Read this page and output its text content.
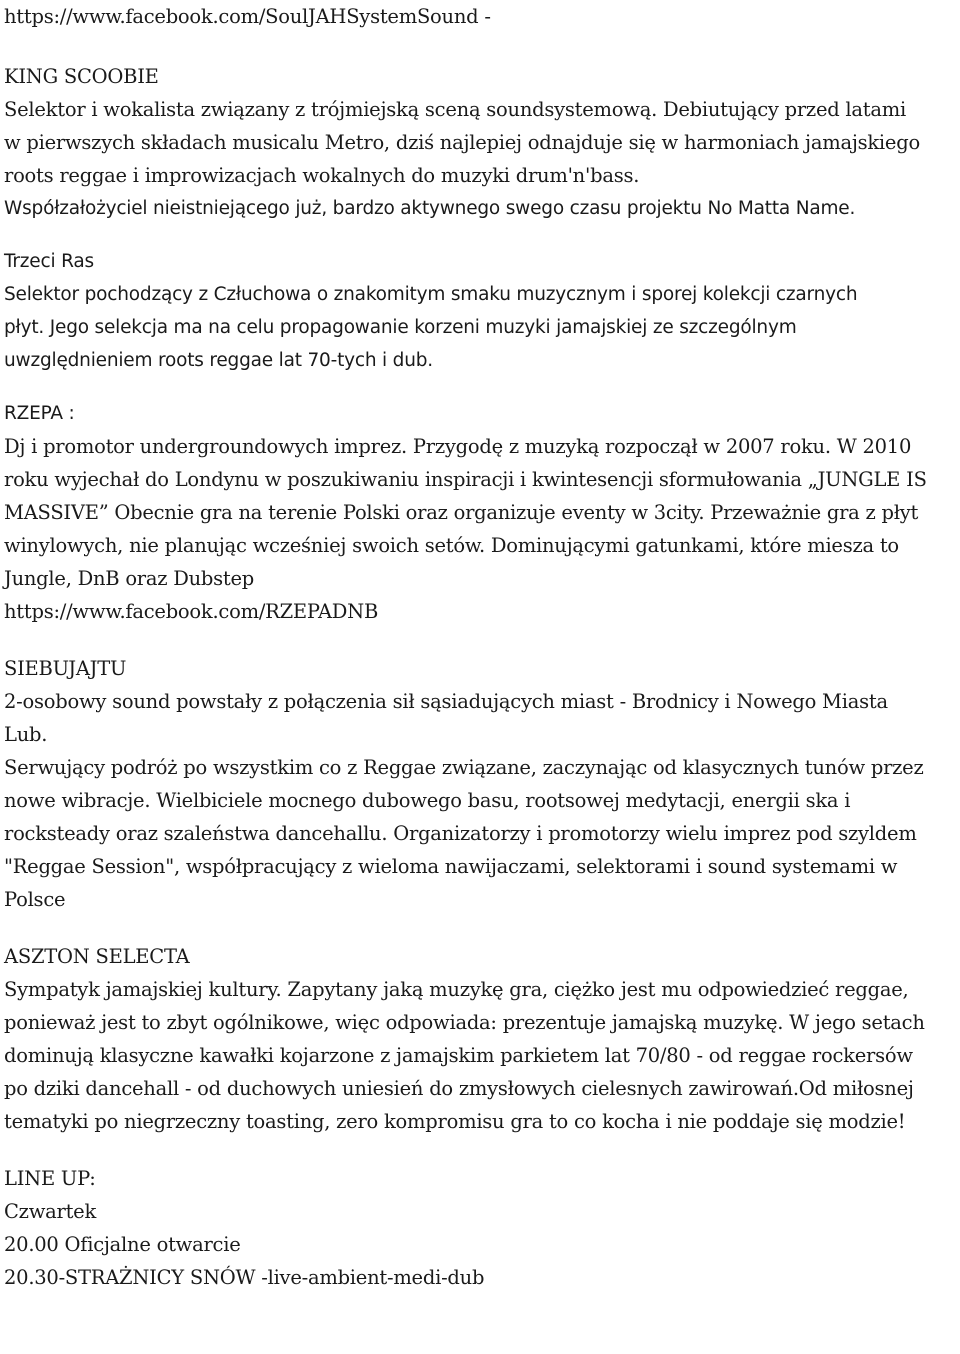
https://www.facebook.com/SoulJAHSystemSound -
KING SCOOBIE
Selektor i wokalista związany z trójmiejską sceną soundsystemową. Debiutujący przed latami
w pierwszych składach musicalu Metro, dziś najlepiej odnajduje się w harmoniach jamajskiego
roots reggae i improwizacjach wokalnych do muzyki drum'n'bass.
Współzałożyciel nieistniejącego już, bardzo aktywnego swego czasu projektu No Matta Name.
Trzeci Ras
Selektor pochodzący z Człuchowa o znakomitym smaku muzycznym i sporej kolekcji czarnych
płyt. Jego selekcja ma na celu propagowanie korzeni muzyki jamajskiej ze szczególnym
uwzględnieniem roots reggae lat 70-tych i dub.
RZEPA :
Dj i promotor undergroundowych imprez. Przygodę z muzyką rozpoczął w 2007 roku. W 2010
roku wyjechał do Londynu w poszukiwaniu inspiracji i kwintesencji sformułowania „JUNGLE IS
MASSIVE” Obecnie gra na terenie Polski oraz organizuje eventy w 3city. Przeważnie gra z płyt
winylowych, nie planując wcześniej swoich setów. Dominującymi gatunkami, które miesza to
Jungle, DnB oraz Dubstep
https://www.facebook.com/RZEPADNB
SIEBUJAJTU
2-osobowy sound powstały z połączenia sił sąsiadujących miast - Brodnicy i Nowego Miasta
Lub.
Serwujący podróż po wszystkim co z Reggae związane, zaczynając od klasycznych tunów przez
nowe wibracje. Wielbiciele mocnego dubowego basu, rootsowej medytacji, energii ska i
rocksteady oraz szaleństwa dancehallu. Organizatorzy i promotorzy wielu imprez pod szyldem
"Reggae Session", współpracujący z wieloma nawijaczami, selektorami i sound systemami w
Polsce
ASZTON SELECTA
Sympatyk jamajskiej kultury. Zapytany jaką muzykę gra, ciężko jest mu odpowiedzieć reggae,
ponieważ jest to zbyt ogólnikowe, więc odpowiada: prezentuje jamajską muzykę. W jego setach
dominują klasyczne kawałki kojarzone z jamajskim parkietem lat 70/80 - od reggae rockersów
po dziki dancehall - od duchowych uniesień do zmysłowych cielesnych zawirowań.Od miłosnej
tematyki po niegrzeczny toasting, zero kompromisu gra to co kocha i nie poddaje się modzie!
LINE UP:
Czwartek
20.00 Oficjalne otwarcie
20.30-STRAŻNICY SNÓW -live-ambient-medi-dub
